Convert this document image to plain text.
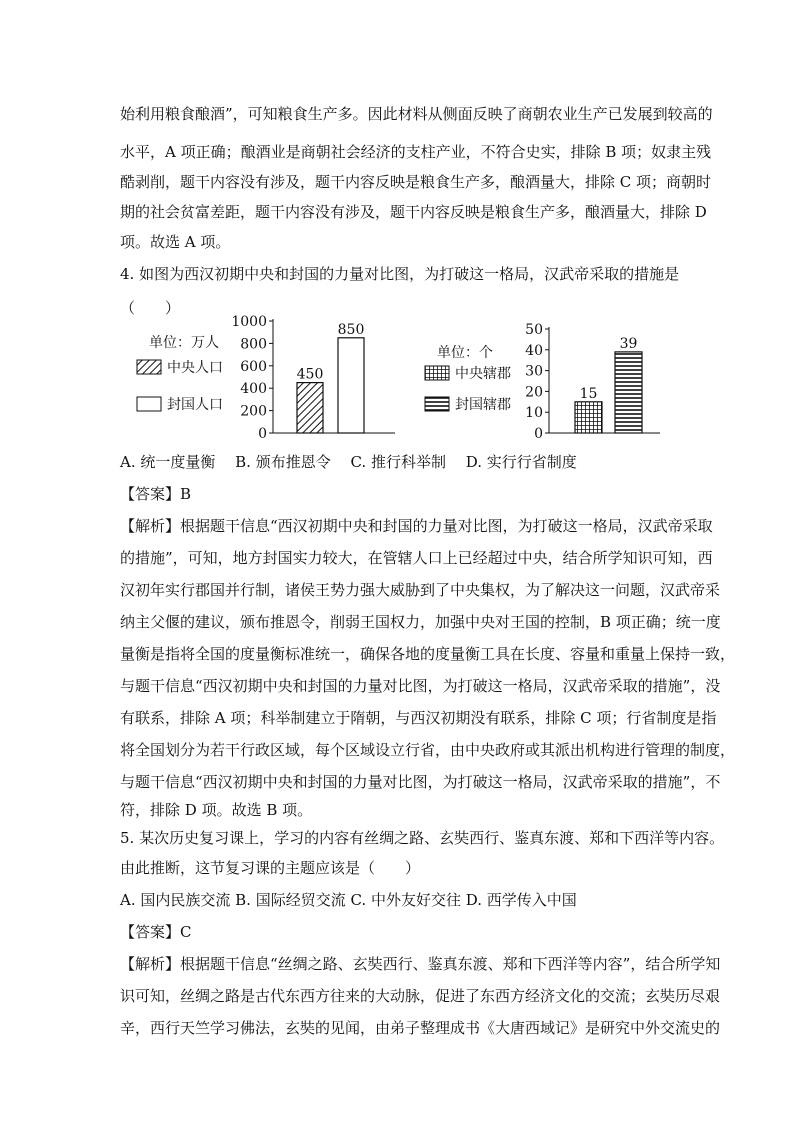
始利用粮食酿酒”，可知粮食生产多。因此材料从侧面反映了商朝农业生产已发展到较高的
水平，A 项正确；酿酒业是商朝社会经济的支柱产业，不符合史实，排除 B 项；奴隶主残
酷剥削，题干内容没有涉及，题干内容反映是粮食生产多，酿酒量大，排除 C 项；商朝时
期的社会贫富差距，题干内容没有涉及，题干内容反映是粮食生产多，酿酒量大，排除 D
项。故选 A 项。
4. 如图为西汉初期中央和封国的力量对比图，为打破这一格局，汉武帝采取的措施是
（　　）
A. 统一度量衡　 B. 颁布推恩令　 C. 推行科举制　 D. 实行行省制度
【答案】B
【解析】根据题干信息“西汉初期中央和封国的力量对比图，为打破这一格局，汉武帝采取
的措施”，可知，地方封国实力较大，在管辖人口上已经超过中央，结合所学知识可知，西
汉初年实行郡国并行制，诸侯王势力强大威胁到了中央集权，为了解决这一问题，汉武帝采
纳主父偃的建议，颁布推恩令，削弱王国权力，加强中央对王国的控制，B 项正确；统一度
量衡是指将全国的度量衡标准统一，确保各地的度量衡工具在长度、容量和重量上保持一致，
与题干信息“西汉初期中央和封国的力量对比图，为打破这一格局，汉武帝采取的措施”，没
有联系，排除 A 项；科举制建立于隋朝，与西汉初期没有联系，排除 C 项；行省制度是指
将全国划分为若干行政区域，每个区域设立行省，由中央政府或其派出机构进行管理的制度，
与题干信息“西汉初期中央和封国的力量对比图，为打破这一格局，汉武帝采取的措施”，不
符，排除 D 项。故选 B 项。
5. 某次历史复习课上，学习的内容有丝绸之路、玄奘西行、鉴真东渡、郑和下西洋等内容。
由此推断，这节复习课的主题应该是（　　）
A. 国内民族交流 B. 国际经贸交流 C. 中外友好交往 D. 西学传入中国
【答案】C
【解析】根据题干信息“丝绸之路、玄奘西行、鉴真东渡、郑和下西洋等内容”，结合所学知
识可知，丝绸之路是古代东西方往来的大动脉，促进了东西方经济文化的交流；玄奘历尽艰
辛，西行天竺学习佛法，玄奘的见闻，由弟子整理成书《大唐西域记》是研究中外交流史的
单位：万人
中央人口
封国人口
1000
800
600
400
200
0
450
850
单位：个
中央辖郡
封国辖郡
50
40
30
20
10
0
15
39
